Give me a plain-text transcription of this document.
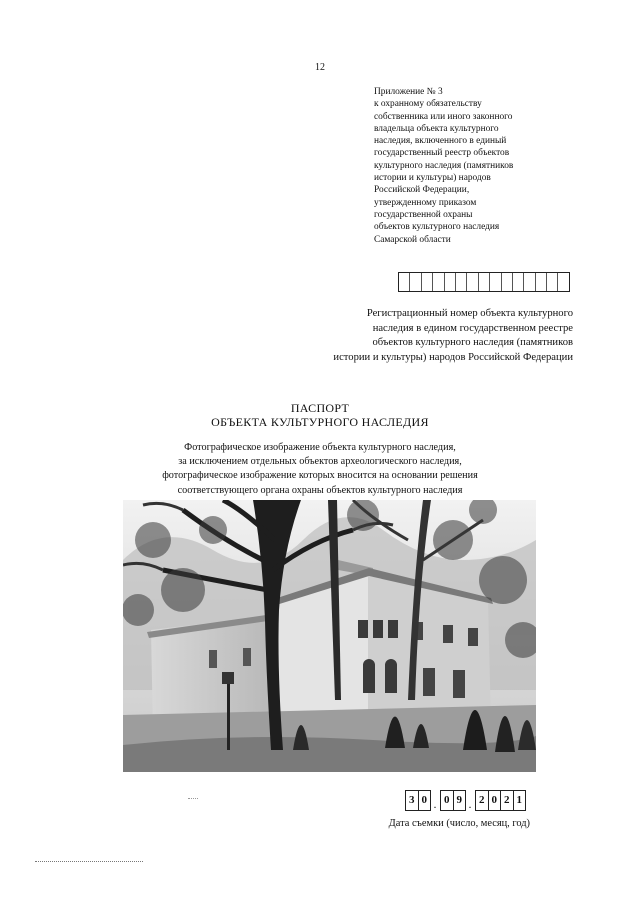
12
Приложение № 3
к охранному обязательству
собственника или иного законного
владельца объекта культурного
наследия, включенного в единый
государственный реестр объектов
культурного наследия (памятников
истории и культуры) народов
Российской Федерации,
утвержденному приказом
государственной охраны
объектов культурного наследия
Самарской области
Регистрационный номер объекта культурного
наследия в едином государственном реестре
объектов культурного наследия (памятников
истории и культуры) народов Российской Федерации
ПАСПОРТ
ОБЪЕКТА КУЛЬТУРНОГО НАСЛЕДИЯ
Фотографическое изображение объекта культурного наследия,
за исключением отдельных объектов археологического наследия,
фотографическое изображение которых вносится на основании решения
соответствующего органа охраны объектов культурного наследия
3 0 . 0 9 . 2 0 2 1
Дата съемки (число, месяц, год)
